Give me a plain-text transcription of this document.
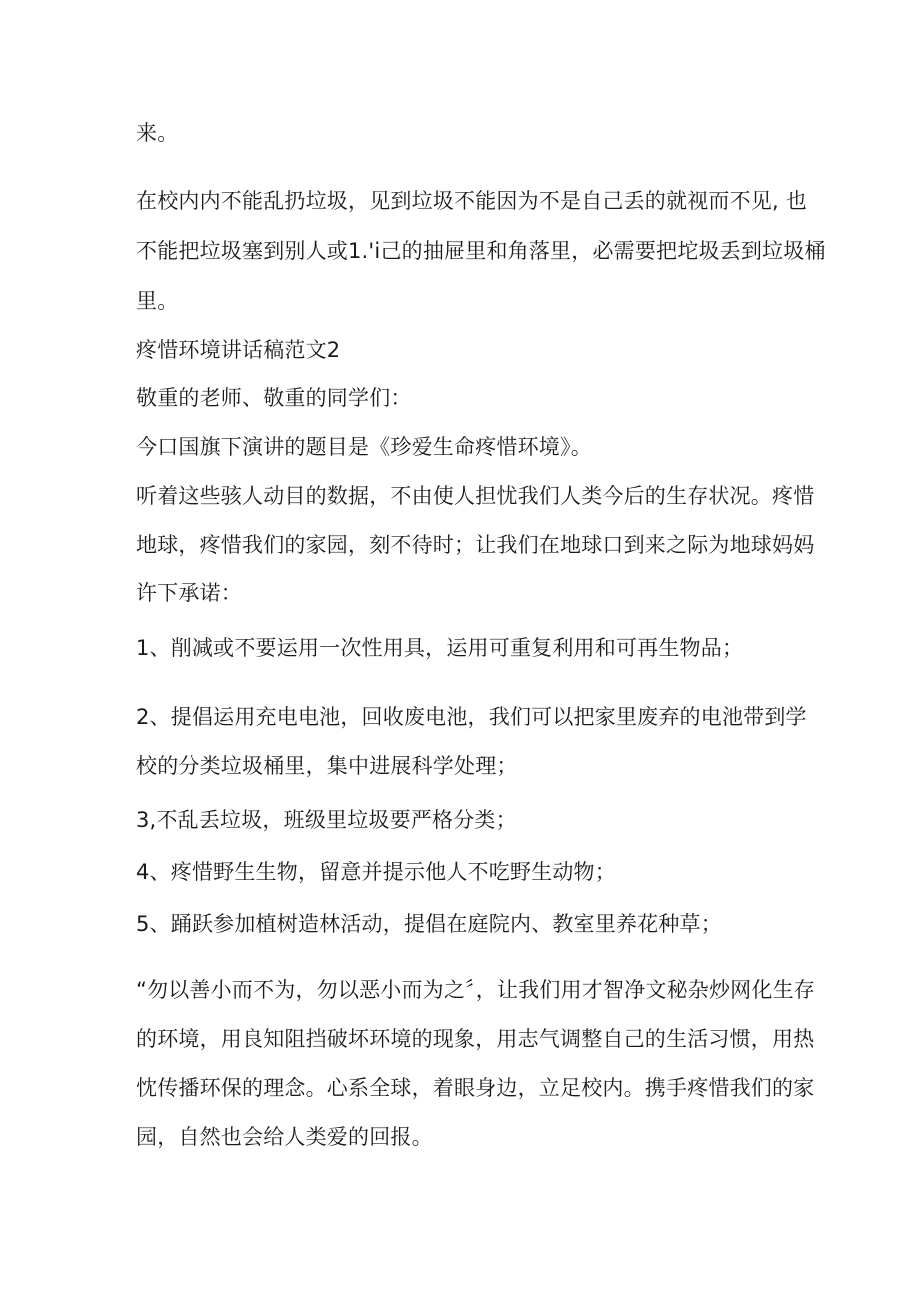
来。
在校内内不能乱扔垃圾，见到垃圾不能因为不是自己丢的就视而不见, 也
不能把垃圾塞到别人或1.'i己的抽屉里和角落里，必需要把坨圾丢到垃圾桶
里。
疼惜环境讲话稿范文2
敬重的老师、敬重的同学们：
今口国旗下演讲的题目是《珍爱生命疼惜环境》。
听着这些骇人动目的数据，不由使人担忧我们人类今后的生存状况。疼惜
地球，疼惜我们的家园，刻不待时；让我们在地球口到来之际为地球妈妈
许下承诺：
1、削减或不要运用一次性用具，运用可重复利用和可再生物品；
2、提倡运用充电电池，回收废电池，我们可以把家里废弃的电池带到学
校的分类垃圾桶里，集中进展科学处理；
3,不乱丢垃圾，班级里垃圾要严格分类；
4、疼惜野生生物，留意并提示他人不吃野生动物；
5、踊跃参加植树造林活动，提倡在庭院内、教室里养花种草；
“勿以善小而不为，勿以恶小而为之〞，让我们用才智净文秘杂炒网化生存
的环境，用良知阻挡破坏环境的现象，用志气调整自己的生活习惯，用热
忱传播环保的理念。心系全球，着眼身边，立足校内。携手疼惜我们的家
园，自然也会给人类爱的回报。
